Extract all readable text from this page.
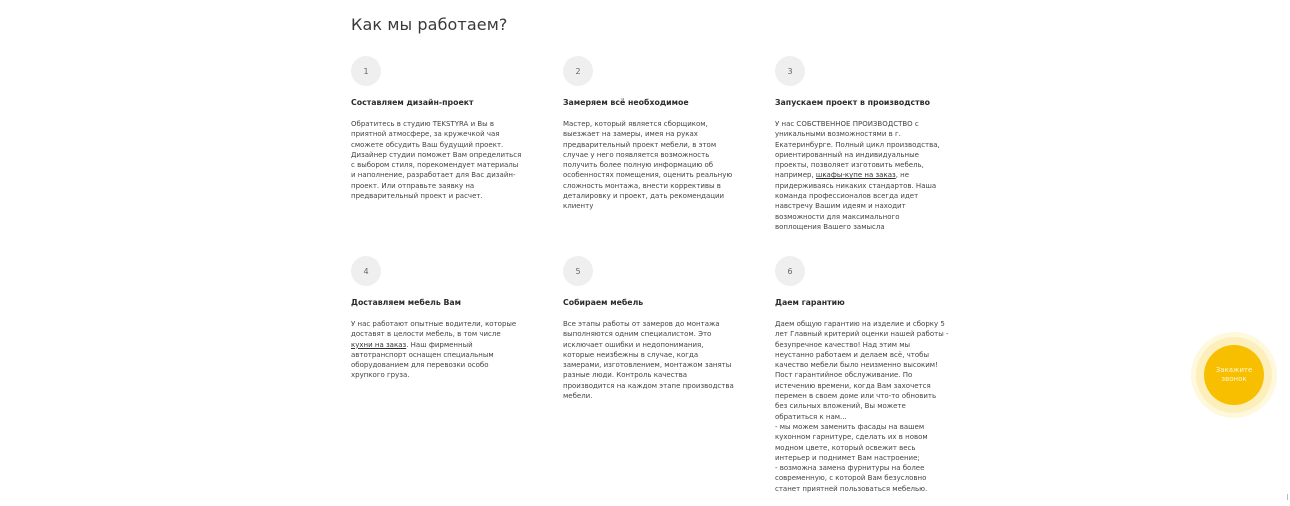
Как мы работаем?
1
Составляем дизайн-проект
Обратитесь в студию TEKSTYRA и Вы в
приятной атмосфере, за кружечкой чая
сможете обсудить Ваш будущий проект.
Дизайнер студии поможет Вам определиться
с выбором стиля, порекомендует материалы
и наполнение, разработает для Вас дизайн-
проект. Или отправьте заявку на
предварительный проект и расчет.
2
Замеряем всё необходимое
Мастер, который является сборщиком,
выезжает на замеры, имея на руках
предварительный проект мебели, в этом
случае у него появляется возможность
получить более полную информацию об
особенностях помещения, оценить реальную
сложность монтажа, внести коррективы в
деталировку и проект, дать рекомендации
клиенту
3
Запускаем проект в производство
У нас СОБСТВЕННОЕ ПРОИЗВОДСТВО с
уникальными возможностями в г.
Екатеринбурге. Полный цикл производства,
ориентированный на индивидуальные
проекты, позволяет изготовить мебель,
например, шкафы-купе на заказ, не
придерживаясь никаких стандартов. Наша
команда профессионалов всегда идет
навстречу Вашим идеям и находит
возможности для максимального
воплощения Вашего замысла
4
Доставляем мебель Вам
У нас работают опытные водители, которые
доставят в целости мебель, в том числе
кухни на заказ. Наш фирменный
автотранспорт оснащен специальным
оборудованием для перевозки особо
хрупкого груза.
5
Собираем мебель
Все этапы работы от замеров до монтажа
выполняются одним специалистом. Это
исключает ошибки и недопонимания,
которые неизбежны в случае, когда
замерами, изготовлением, монтажом заняты
разные люди. Контроль качества
производится на каждом этапе производства
мебели.
6
Даем гарантию
Даем общую гарантию на изделие и сборку 5
лет Главный критерий оценки нашей работы -
безупречное качество! Над этим мы
неустанно работаем и делаем всё, чтобы
качество мебели было неизменно высоким!
Пост гарантийное обслуживание. По
истечению времени, когда Вам захочется
перемен в своем доме или что-то обновить
без сильных вложений, Вы можете
обратиться к нам...
- мы можем заменить фасады на вашем
кухонном гарнитуре, сделать их в новом
модном цвете, который освежит весь
интерьер и поднимет Вам настроение;
- возможна замена фурнитуры на более
современную, с которой Вам безусловно
станет приятней пользоваться мебелью.
Закажите
звонок
